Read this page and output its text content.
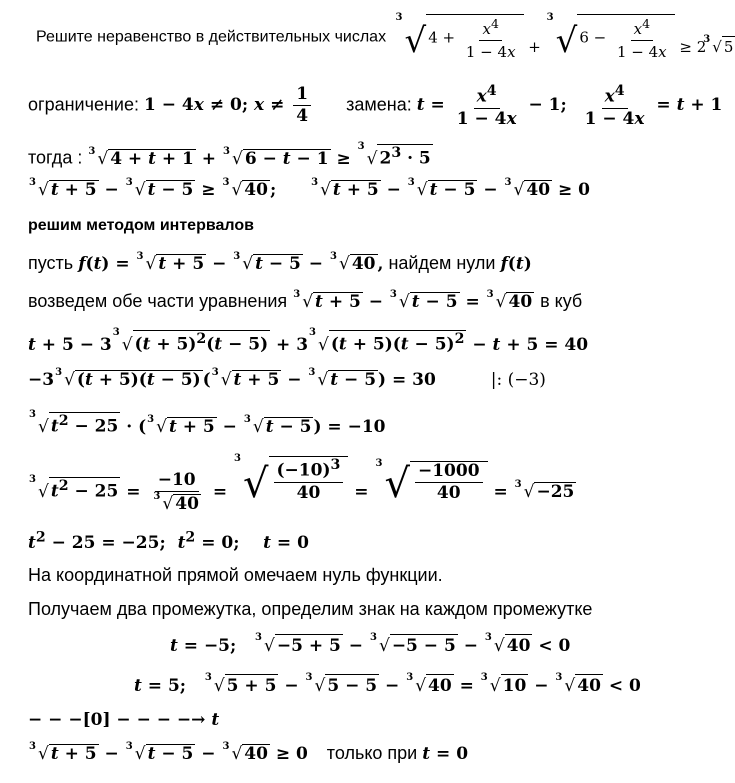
Решите неравенство в действительных числах
3
√ $4 + \frac{x^4}{1 - 4x}$ +
3
√ $6 - \frac{x^4}{1 - 4x} \ge 2$
3 √ 5
ограничение: 1 − 4x ≠ 0; $x \ne \frac{1}{4}$ замена: $t = \frac{x^4}{1 - 4x} - 1$; $\frac{x^4}{1 - 4x} = t + 1$
тогда : 3 √ 4 + t + 1 + 3 √ 6 − t − 1 ≥
3
√ $2^3 \cdot 5$
3 √ t + 5 − 3 √ t − 5 ≥ 3 √ 40 ;	3 √ t + 5 − 3 √ t − 5 − 3 √ 40 ≥ 0
решим методом интервалов
пусть f(t) = 3 √ t + 5 − 3 √ t − 5 − 3 √ 40 , найдем нули f(t)
возведем обе части уравнения 3 √ t + 5 − 3 √ t − 5 = 3 √ 40 в куб
t + 5 − 3
3
√ $(t + 5)^2(t - 5) + 3$
3
√ $(t + 5)(t - 5)^2 - t + 5 = 40$
−3 3 √ (t + 5)(t − 5) ( 3 √ t + 5 − 3 √ t − 5 ) = 30	|: (−3)
3
√ $t^2 - 25$ · ( 3 √ t + 5 − 3 √ t − 5 ) = −10
3
√ $t^2 - 25 = \frac{-10}{3 √ 40}$ =
3
√ $\frac{(-10)^3}{40}$ =
3 √ $\frac{-1000}{40} = 3$ √ −25
$t^2 - 25 = -25$;  $t^2 = 0$;    t = 0
На координатной прямой омечаем нуль функции.
Получаем два промежутка, определим знак на каждом промежутке
t = −5; 3 √ −5 + 5 − 3 √ −5 − 5 − 3 √ 40 < 0
t = 5; 3 √ 5 + 5 − 3 √ 5 − 5 − 3 √ 40 = 3 √ 10 − 3 √ 40 < 0
− − −[0] − − − −→ t
3 √ t + 5 − 3 √ t − 5 − 3 √ 40 ≥ 0  только при t = 0
